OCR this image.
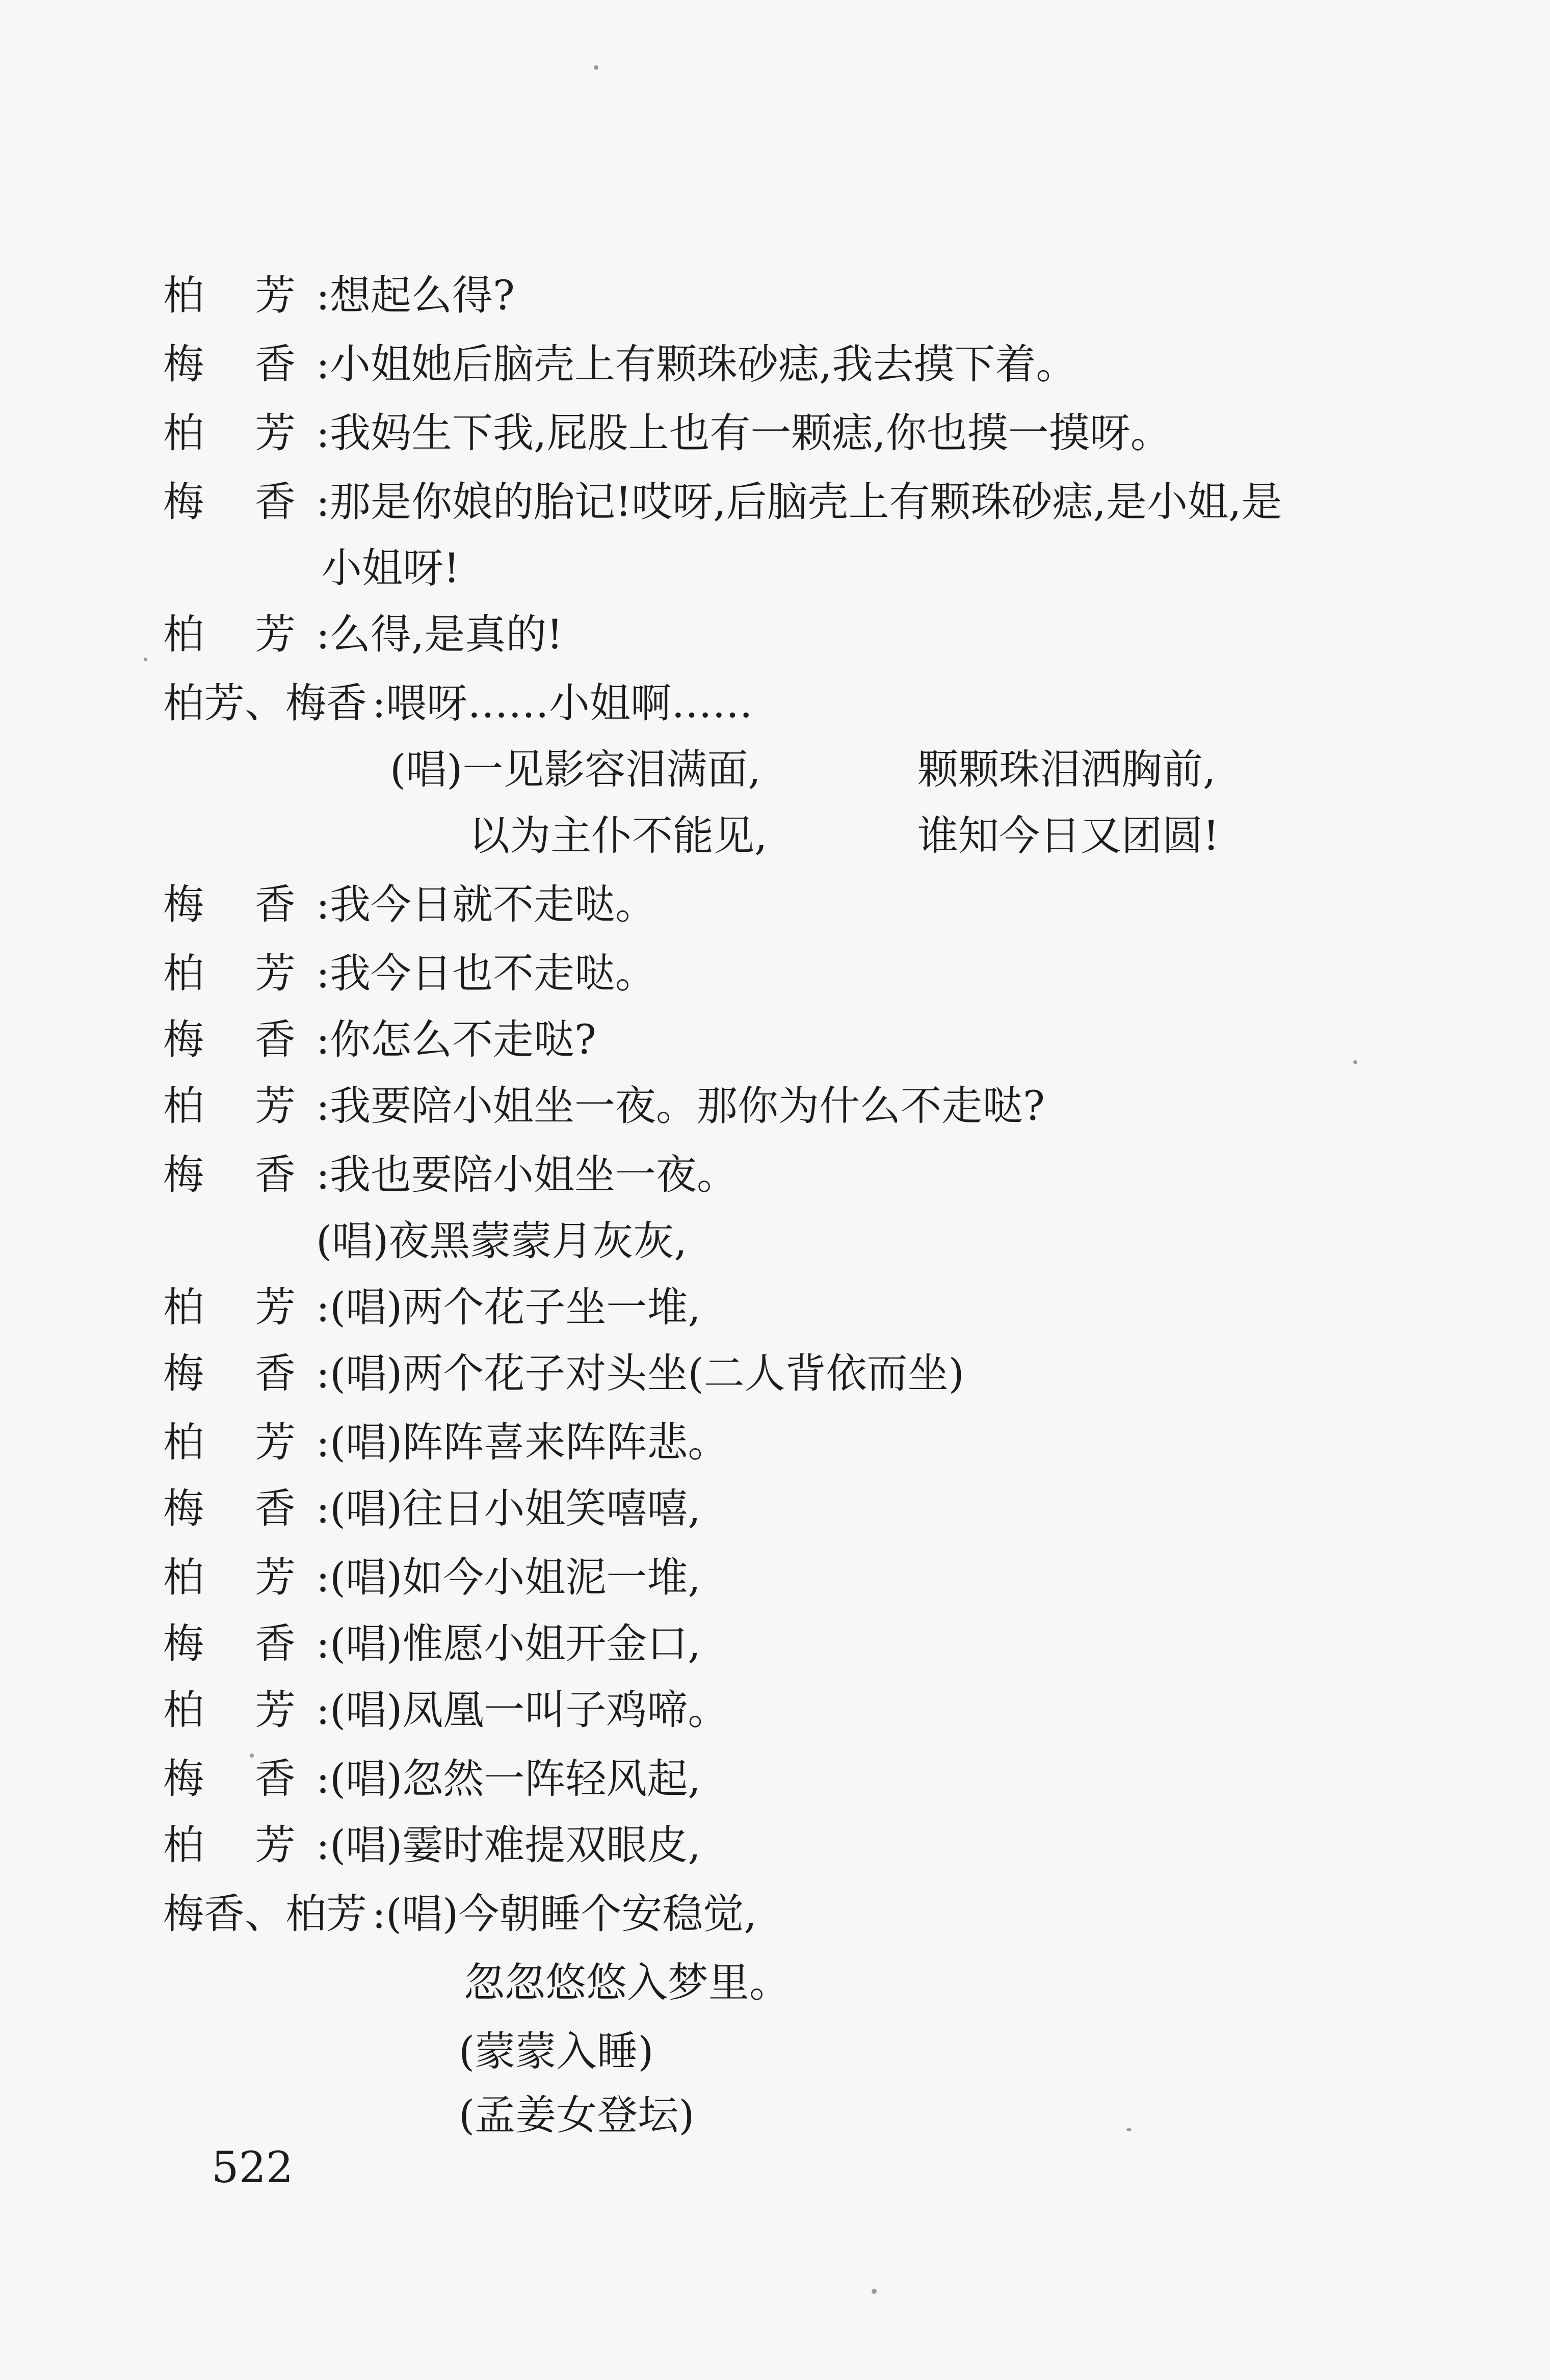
柏 芳 :想起么得?
梅 香 :小姐她后脑壳上有颗珠砂痣,我去摸下着。
柏 芳 :我妈生下我,屁股上也有一颗痣,你也摸一摸呀。
梅 香 :那是你娘的胎记!哎呀,后脑壳上有颗珠砂痣,是小姐,是
小姐呀!
柏 芳 :么得,是真的!
柏芳、梅香 :喂呀……小姐啊……
(唱)一见影容泪满面,	颗颗珠泪洒胸前,
以为主仆不能见,	谁知今日又团圆!
梅 香 :我今日就不走哒。
柏 芳 :我今日也不走哒。
梅 香 :你怎么不走哒?
柏 芳 :我要陪小姐坐一夜。那你为什么不走哒?
梅 香 :我也要陪小姐坐一夜。
(唱)夜黑蒙蒙月灰灰,
柏 芳 :(唱)两个花子坐一堆,
梅 香 :(唱)两个花子对头坐(二人背依而坐)
柏 芳 :(唱)阵阵喜来阵阵悲。
梅 香 :(唱)往日小姐笑嘻嘻,
柏 芳 :(唱)如今小姐泥一堆,
梅 香 :(唱)惟愿小姐开金口,
柏 芳 :(唱)凤凰一叫子鸡啼。
梅 香 :(唱)忽然一阵轻风起,
柏 芳 :(唱)霎时难提双眼皮,
梅香、柏芳 :(唱)今朝睡个安稳觉,
忽忽悠悠入梦里。
(蒙蒙入睡)
(孟姜女登坛)
522
